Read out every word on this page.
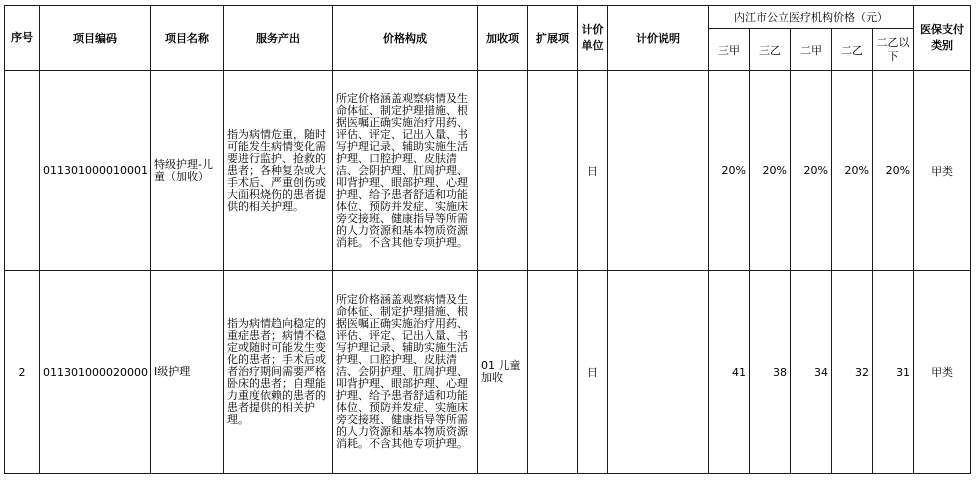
序号	项目编码	项目名称	服务产出	价格构成	加收项	扩展项	计价单位	计价说明	内江市公立医疗机构价格（元）					医保支付类别
									三甲	三乙	二甲	二乙	二乙以下	
	011301000010001	特级护理-儿童（加收）	指为病情危重，随时可能发生病情变化需要进行监护、抢救的患者；各种复杂或大手术后、严重创伤或大面积烧伤的患者提供的相关护理。	所定价格涵盖观察病情及生命体征、制定护理措施、根据医嘱正确实施治疗用药、评估、评定、记出入量、书写护理记录、辅助实施生活护理、口腔护理、皮肤清洁、会阴护理、肛周护理、叩背护理、眼部护理、心理护理、给予患者舒适和功能体位、预防并发症、实施床旁交接班、健康指导等所需的人力资源和基本物质资源消耗。不含其他专项护理。			日		20%	20%	20%	20%	20%	甲类
2	011301000020000	Ⅰ级护理	指为病情趋向稳定的重症患者；病情不稳定或随时可能发生变化的患者；手术后或者治疗期间需要严格卧床的患者；自理能力重度依赖的患者的患者提供的相关护理。	所定价格涵盖观察病情及生命体征、制定护理措施、根据医嘱正确实施治疗用药、评估、评定、记出入量、书写护理记录、辅助实施生活护理、口腔护理、皮肤清洁、会阴护理、肛周护理、叩背护理、眼部护理、心理护理、给予患者舒适和功能体位、预防并发症、实施床旁交接班、健康指导等所需的人力资源和基本物质资源消耗。不含其他专项护理。	01 儿童加收		日		41	38	34	32	31	甲类
